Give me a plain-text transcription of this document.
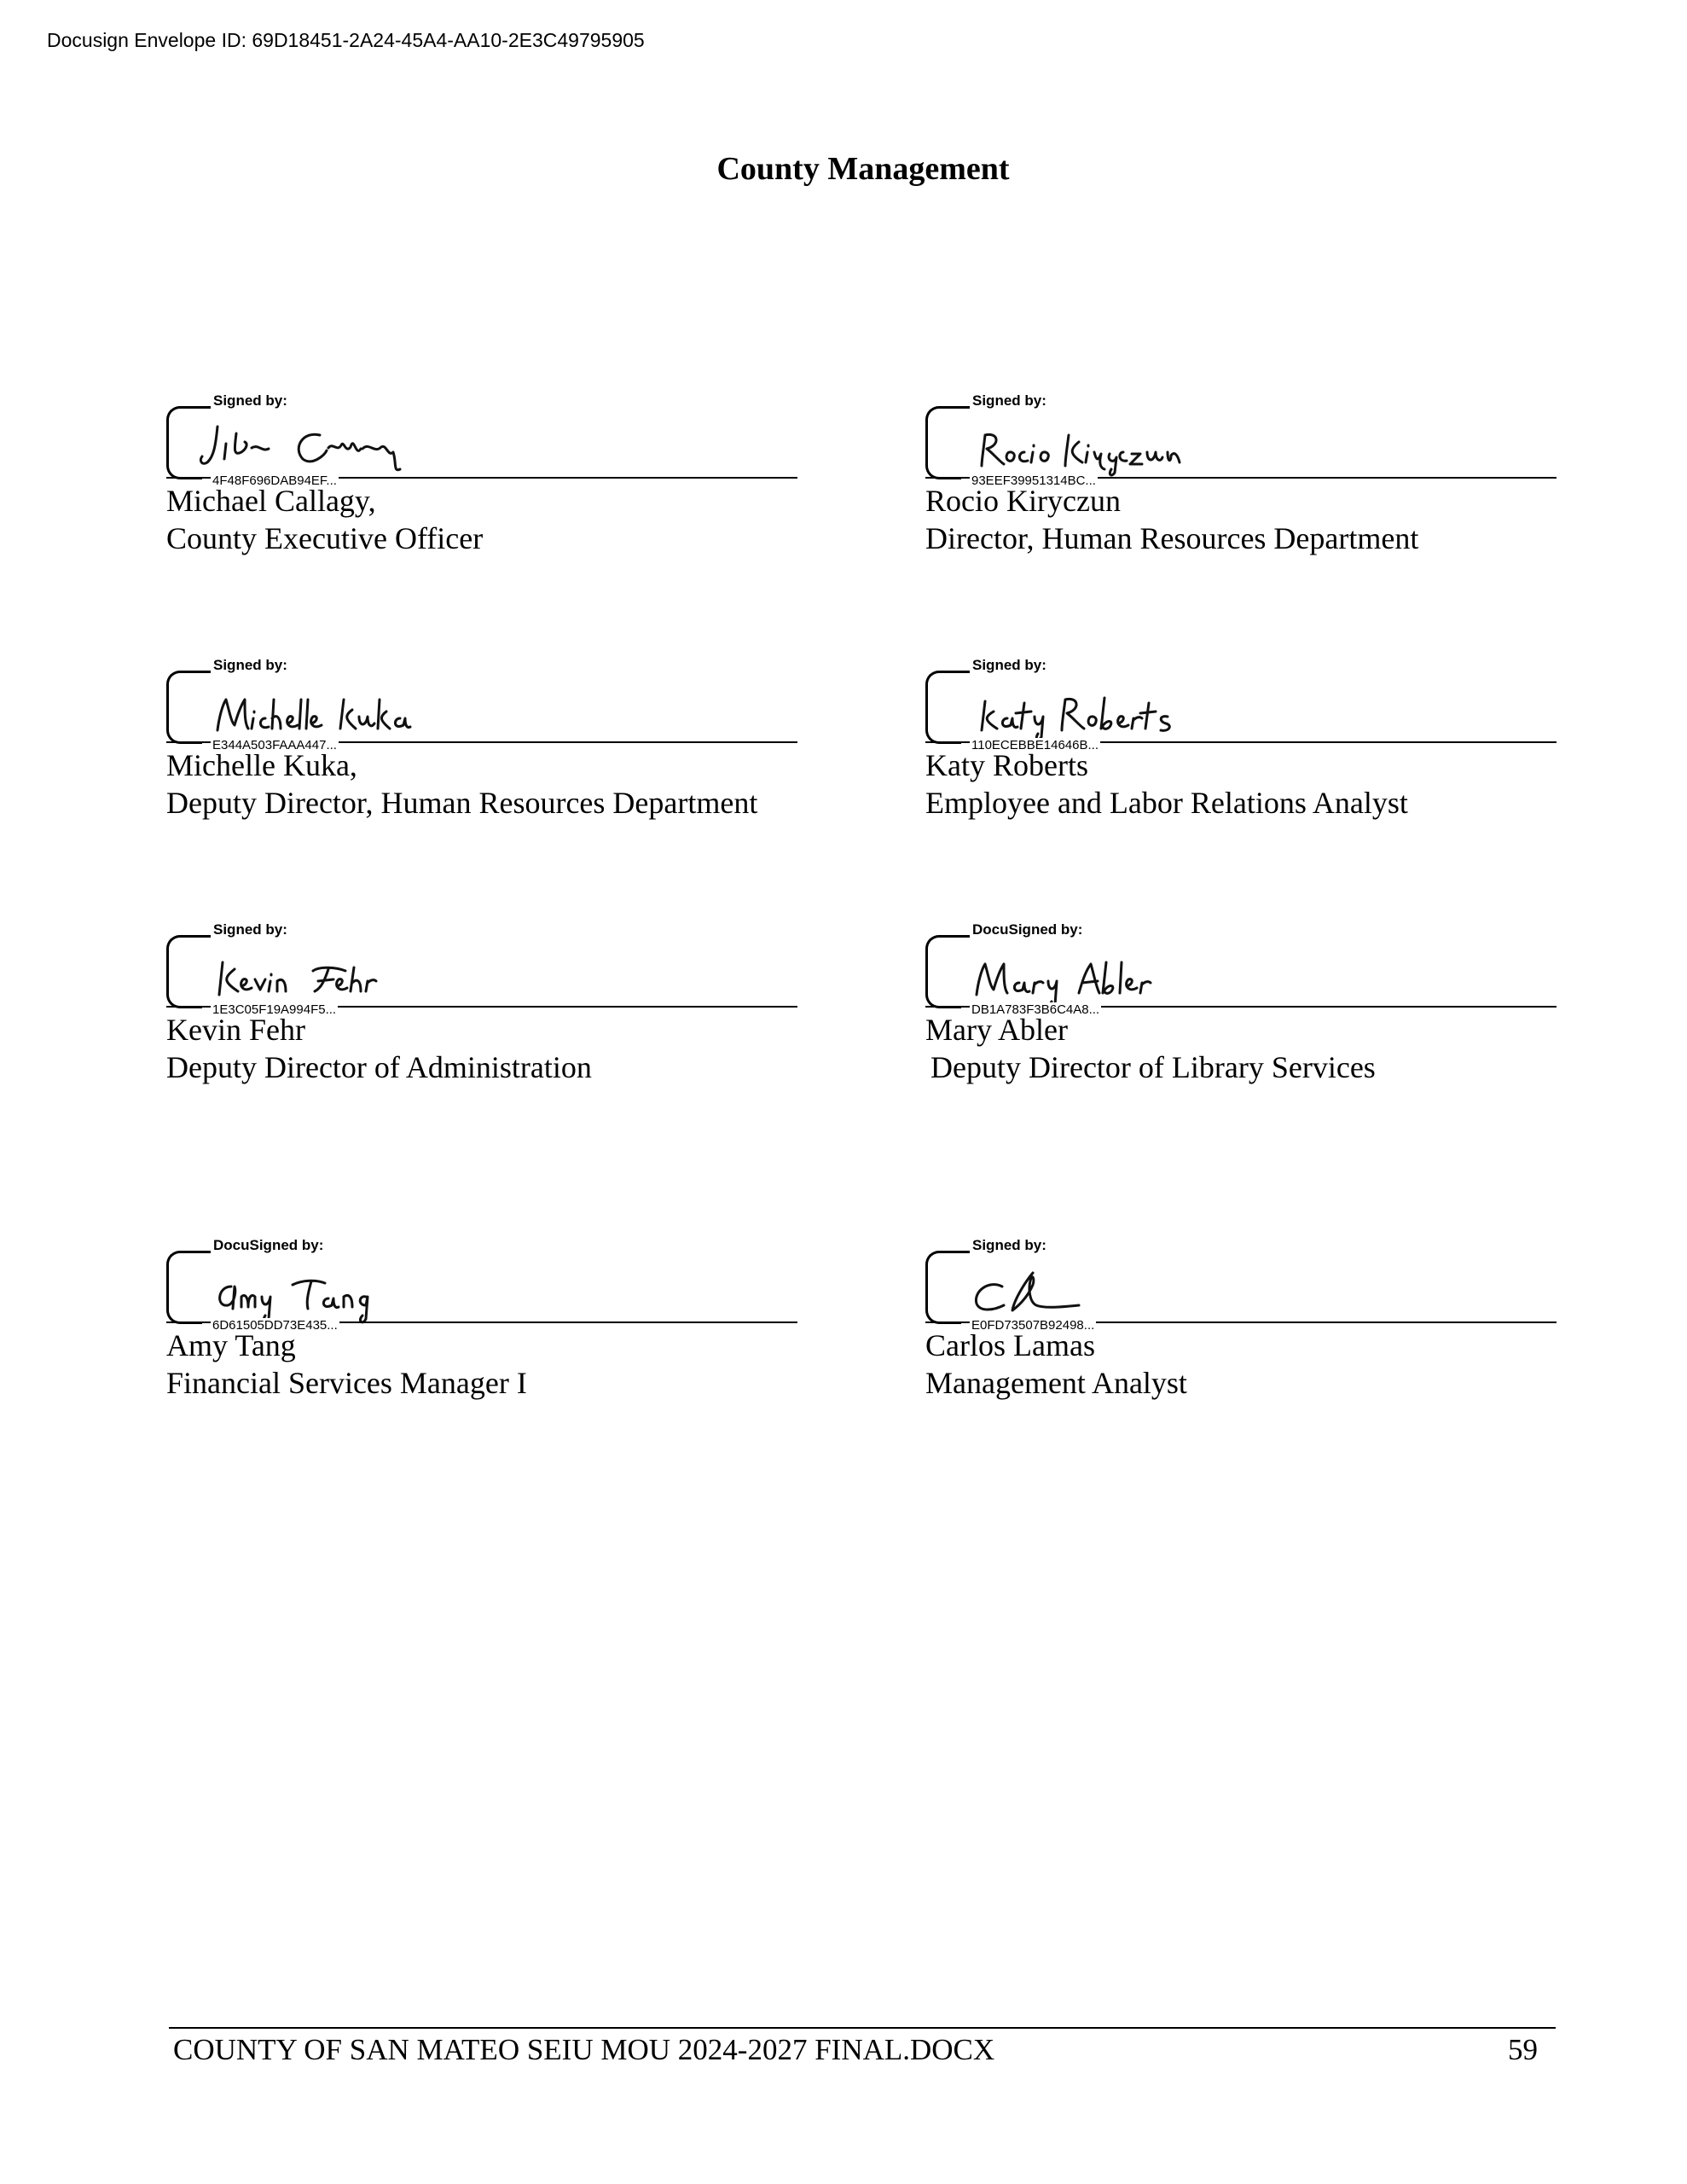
Docusign Envelope ID: 69D18451-2A24-45A4-AA10-2E3C49795905
County Management
Signed by:
4F48F696DAB94EF...
Michael Callagy,
County Executive Officer
Signed by:
93EEF39951314BC...
Rocio Kiryczun
Director, Human Resources Department
Signed by:
E344A503FAAA447...
Michelle Kuka,
Deputy Director, Human Resources Department
Signed by:
110ECEBBE14646B...
Katy Roberts
Employee and Labor Relations Analyst
Signed by:
1E3C05F19A994F5...
Kevin Fehr
Deputy Director of Administration
DocuSigned by:
DB1A783F3B6C4A8...
Mary Abler
Deputy Director of Library Services
DocuSigned by:
6D61505DD73E435...
Amy Tang
Financial Services Manager I
Signed by:
E0FD73507B92498...
Carlos Lamas
Management Analyst
COUNTY OF SAN MATEO SEIU MOU 2024-2027 FINAL.DOCX	59
